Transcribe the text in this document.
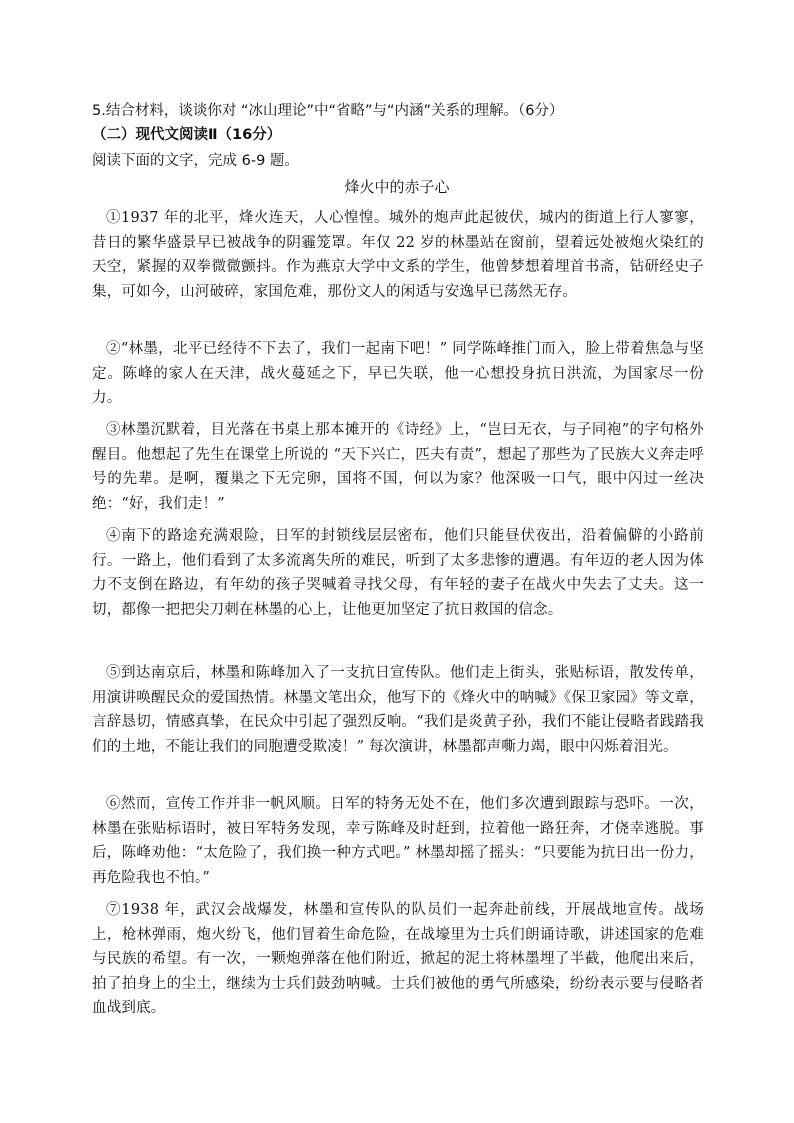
5.结合材料，谈谈你对 “冰山理论”中“省略”与“内涵”关系的理解。（6分）
（二）现代文阅读Ⅱ（16分）
阅读下面的文字，完成 6-9 题。
烽火中的赤子心

①1937 年的北平，烽火连天，人心惶惶。城外的炮声此起彼伏，城内的街道上行人寥寥，昔日的繁华盛景早已被战争的阴霾笼罩。年仅 22 岁的林墨站在窗前，望着远处被炮火染红的天空，紧握的双拳微微颤抖。作为燕京大学中文系的学生，他曾梦想着埋首书斋，钻研经史子集，可如今，山河破碎，家国危难，那份文人的闲适与安逸早已荡然无存。

②“林墨，北平已经待不下去了，我们一起南下吧！” 同学陈峰推门而入，脸上带着焦急与坚定。陈峰的家人在天津，战火蔓延之下，早已失联，他一心想投身抗日洪流，为国家尽一份力。

③林墨沉默着，目光落在书桌上那本摊开的《诗经》上，“岂曰无衣，与子同袍”的字句格外醒目。他想起了先生在课堂上所说的 “天下兴亡，匹夫有责”，想起了那些为了民族大义奔走呼号的先辈。是啊，覆巢之下无完卵，国将不国，何以为家？他深吸一口气，眼中闪过一丝决绝：“好，我们走！”

④南下的路途充满艰险，日军的封锁线层层密布，他们只能昼伏夜出，沿着偏僻的小路前行。一路上，他们看到了太多流离失所的难民，听到了太多悲惨的遭遇。有年迈的老人因为体力不支倒在路边，有年幼的孩子哭喊着寻找父母，有年轻的妻子在战火中失去了丈夫。这一切，都像一把把尖刀刺在林墨的心上，让他更加坚定了抗日救国的信念。

⑤到达南京后，林墨和陈峰加入了一支抗日宣传队。他们走上街头，张贴标语，散发传单，用演讲唤醒民众的爱国热情。林墨文笔出众，他写下的《烽火中的呐喊》《保卫家园》等文章，言辞恳切，情感真挚，在民众中引起了强烈反响。“我们是炎黄子孙，我们不能让侵略者践踏我们的土地，不能让我们的同胞遭受欺凌！” 每次演讲，林墨都声嘶力竭，眼中闪烁着泪光。

⑥然而，宣传工作并非一帆风顺。日军的特务无处不在，他们多次遭到跟踪与恐吓。一次，林墨在张贴标语时，被日军特务发现，幸亏陈峰及时赶到，拉着他一路狂奔，才侥幸逃脱。事后，陈峰劝他：“太危险了，我们换一种方式吧。” 林墨却摇了摇头：“只要能为抗日出一份力，再危险我也不怕。”

⑦1938 年，武汉会战爆发，林墨和宣传队的队员们一起奔赴前线，开展战地宣传。战场上，枪林弹雨，炮火纷飞，他们冒着生命危险，在战壕里为士兵们朗诵诗歌，讲述国家的危难与民族的希望。有一次，一颗炮弹落在他们附近，掀起的泥土将林墨埋了半截，他爬出来后，拍了拍身上的尘土，继续为士兵们鼓劲呐喊。士兵们被他的勇气所感染，纷纷表示要与侵略者血战到底。
